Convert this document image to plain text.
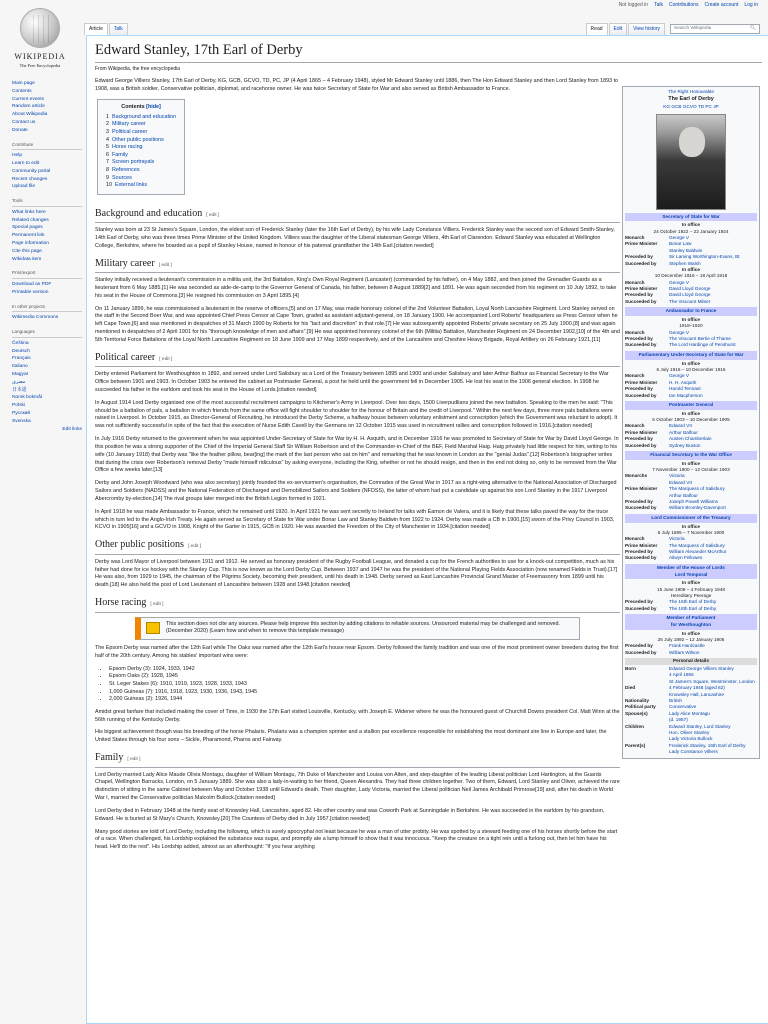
Not logged in Talk Contributions Create account Log in
WIKIPEDIA
The Free Encyclopedia
Main page
Contents
Current events
Random article
About Wikipedia
Contact us
Donate
Contribute
Help
Learn to edit
Community portal
Recent changes
Upload file
Tools
What links here
Related changes
Special pages
Permanent link
Page information
Cite this page
Wikidata item
Print/export
Download as PDF
Printable version
In other projects
Wikimedia Commons
Languages
Čeština
Deutsch
Français
Italiano
Magyar
مصرى
日本語
Norsk bokmål
Polski
Русский
Svenska
Edit links
Article	Talk	Read	Edit	View history	Search Wikipedia	🔍︎
Edward Stanley, 17th Earl of Derby
From Wikipedia, the free encyclopedia

Edward George Villiers Stanley, 17th Earl of Derby, KG, GCB, GCVO, TD, PC, JP (4 April 1865 – 4 February 1948), styled Mr Edward Stanley until 1886, then The Hon Edward Stanley and then Lord Stanley from 1893 to 1908, was a British soldier, Conservative politician, diplomat, and racehorse owner. He was twice Secretary of State for War and also served as British Ambassador to France.

Contents [hide]
1 Background and education
2 Military career
3 Political career
4 Other public positions
5 Horse racing
6 Family
7 Screen portrayals
8 References
9 Sources
10 External links
Background and education [ edit ]

Stanley was born at 23 St James's Square, London, the eldest son of Frederick Stanley (later the 16th Earl of Derby), by his wife Lady Constance Villiers. Frederick Stanley was the second son of Edward Smith-Stanley, 14th Earl of Derby, who was three times Prime Minister of the United Kingdom. Villiers was the daughter of the Liberal statesman George Villiers, 4th Earl of Clarendon. Edward Stanley was educated at Wellington College, Berkshire, where he boarded as a pupil of Stanley House, named in honour of his paternal grandfather the 14th Earl.[citation needed]

Military career [ edit ]

Stanley initially received a lieutenant's commission in a militia unit, the 3rd Battalion, King's Own Royal Regiment (Lancaster) (commanded by his father), on 4 May 1882, and then joined the Grenadier Guards as a lieutenant from 6 May 1885.[1] He was seconded as aide-de-camp to the Governor General of Canada, his father, between 8 August 1889[2] and 1891. He was again seconded from his regiment on 10 July 1892, to take his seat in the House of Commons.[3] He resigned his commission on 3 April 1895.[4]

On 11 January 1899, he was commissioned a lieutenant in the reserve of officers,[5] and on 17 May, was made honorary colonel of the 2nd Volunteer Battalion, Loyal North Lancashire Regiment. Lord Stanley served on the staff in the Second Boer War, and was appointed Chief Press Censor at Cape Town, graded as assistant adjutant-general, on 18 January 1900. He accompanied Lord Roberts' headquarters as Press Censor when he left Cape Town,[6] and was mentioned in despatches of 31 March 1900 by Roberts for his "tact and discretion" in that role.[7] He was subsequently appointed Roberts' private secretary on 25 July 1900.[8] and was again mentioned in despatches of 2 April 1901 for his "thorough knowledge of men and affairs".[9] He was appointed honorary colonel of the 6th (Militia) Battalion, Manchester Regiment on 24 December 1902,[10] of the 4th and 5th Territorial Force Battalions of the Loyal North Lancashire Regiment on 18 June 1909 and 17 May 1899 respectively, and of the Lancashire and Cheshire Heavy Brigade, Royal Artillery on 26 February 1921.[11]

Political career [ edit ]

Derby entered Parliament for Westhoughton in 1892, and served under Lord Salisbury as a Lord of the Treasury between 1895 and 1900 and under Salisbury and later Arthur Balfour as Financial Secretary to the War Office between 1901 and 1903. In October 1903 he entered the cabinet as Postmaster General, a post he held until the government fell in December 1905. He lost his seat in the 1906 general election. In 1908 he succeeded his father in the earldom and took his seat in the House of Lords.[citation needed]

In August 1914 Lord Derby organised one of the most successful recruitment campaigns to Kitchener's Army in Liverpool. Over two days, 1500 Liverpudlians joined the new battalion. Speaking to the men he said: "This should be a battalion of pals, a battalion in which friends from the same office will fight shoulder to shoulder for the honour of Britain and the credit of Liverpool." Within the next few days, three more pals battalions were raised in Liverpool. In October 1915, as Director-General of Recruiting, he introduced the Derby Scheme, a halfway house between voluntary enlistment and conscription (which the Government was reluctant to adopt). It was not sufficiently successful in spite of the fact that the execution of Nurse Edith Cavell by the Germans on 12 October 1915 was used in recruitment rallies and conscription followed in 1916.[citation needed]

In July 1916 Derby returned to the government when he was appointed Under-Secretary of State for War by H. H. Asquith, and in December 1916 he was promoted to Secretary of State for War by David Lloyd George. In this position he was a strong supporter of the Chief of the Imperial General Staff Sir William Robertson and of the Commander-in-Chief of the BEF, Field Marshal Haig. Haig privately had little respect for him, writing to his wife (10 January 1918) that Derby was "like the feather pillow, bear[ing] the mark of the last person who sat on him" and remarking that he was known in London as the "genial Judas".[12] Robertson's biographer writes that during the crisis over Robertson's removal Derby "made himself ridiculous" by asking everyone, including the King, whether or not he should resign, and then in the end not doing so, only to be removed from the War Office a few weeks later.[13]

Derby and John Joseph Woodward (who was also secretary) jointly founded the ex-servicemen's organisation, the Comrades of the Great War in 1917 as a right-wing alternative to the National Association of Discharged Sailors and Soldiers (NADSS) and the National Federation of Discharged and Demobilized Sailors and Soldiers (NFDSS), the latter of whom had put a candidate up against his son Lord Stanley in the 1917 Liverpool Abercromby by-election.[14] The rival groups later merged into the British Legion formed in 1921.

In April 1918 he was made Ambassador to France, which he remained until 1920. In April 1921 he was sent secretly to Ireland for talks with Éamon de Valera, and it is likely that these talks paved the way for the truce which in turn led to the Anglo-Irish Treaty. He again served as Secretary of State for War under Bonar Law and Stanley Baldwin from 1922 to 1924. Derby was made a CB in 1900,[15] sworn of the Privy Council in 1903, KCVO in 1905[16] and a GCVO in 1908, Knight of the Garter in 1915, GCB in 1920. He was awarded the Freedom of the City of Manchester in 1934.[citation needed]

Other public positions [ edit ]

Derby was Lord Mayor of Liverpool between 1911 and 1912. He served as honorary president of the Rugby Football League, and donated a cup for the French authorities to use for a knock-out competition, much as his father had done for ice hockey with the Stanley Cup. This is now known as the Lord Derby Cup. Between 1937 and 1947 he was the president of the National Playing Fields Association (now renamed Fields in Trust).[17] He was also, from 1929 to 1945, the chairman of the Pilgrims Society, becoming their president, until his death in 1948. Derby served as East Lancashire Provincial Grand Master of Freemasonry from 1899 until his death.[18] He also held the post of Lord Lieutenant of Lancashire between 1928 and 1948.[citation needed]

Horse racing [ edit ]
This section does not cite any sources. Please help improve this section by adding citations to reliable sources. Unsourced material may be challenged and removed. (December 2020) (Learn how and when to remove this template message)

The Epsom Derby was named after the 12th Earl while The Oaks was named after the 12th Earl's house near Epsom. Derby followed the family tradition and was one of the most prominent owner breeders during the first half of the 20th century. Among his stables' important wins were:

• Epsom Derby (3): 1924, 1933, 1942
• Epsom Oaks (2): 1928, 1945
• St. Leger Stakes (6): 1910, 1919, 1923, 1928, 1933, 1943
• 1,000 Guineas (7): 1916, 1918, 1923, 1930, 1936, 1943, 1945
• 2,000 Guineas (2): 1926, 1944

Amidst great fanfare that included making the cover of Time, in 1930 the 17th Earl visited Louisville, Kentucky, with Joseph E. Widener where he was the honoured guest of Churchill Downs president Col. Matt Winn at the 56th running of the Kentucky Derby.

His biggest achievement though was his breeding of the horse Phalaris. Phalaris was a champion sprinter and a stallion par excellence responsible for establishing the most dominant sire line in Europe and later, the United States through his four sons – Sickle, Pharamond, Pharos and Fairway.

Family [ edit ]

Lord Derby married Lady Alice Maude Olivia Montagu, daughter of William Montagu, 7th Duke of Manchester and Louisa von Alten, and step-daughter of the leading Liberal politician Lord Hartington, at the Guards Chapel, Wellington Barracks, London, on 5 January 1889. She was also a lady-in-waiting to her friend, Queen Alexandra. They had three children together. Two of them, Edward, Lord Stanley and Oliver, achieved the rare distinction of sitting in the same Cabinet between May and October 1938 until Edward's death. Their daughter, Lady Victoria, married the Liberal politician Neil James Archibald Primrose[19] and, after his death in World War I, married the Conservative politician Malcolm Bullock.[citation needed]

Lord Derby died in February 1948 at the family seat of Knowsley Hall, Lancashire, aged 82. His other country seat was Coworth Park at Sunningdale in Berkshire. He was succeeded in the earldom by his grandson, Edward. He is buried at St Mary's Church, Knowsley.[20] The Countess of Derby died in July 1957.[citation needed]

Many good stories are told of Lord Derby, including the following, which is surely apocryphal not least because he was a man of utter probity. He was spotted by a steward feeding one of his horses shortly before the start of a race. When challenged, his Lordship explained the substance was sugar, and promptly ate a lump himself to show that it was innocuous. "Keep the creature on a tight rein until a furlong out, then let him have his head. He'll do the rest". His Lordship added, almost as an afterthought: "If you hear anything

The Right Honourable
The Earl of Derby
KG GCB GCVO TD PC JP
Secretary of State for War
In office
24 October 1922 – 22 January 1924
Monarch	George V
Prime Minister	Bonar Law
Stanley Baldwin
Preceded by	Sir Laming Worthington-Evans, Bt
Succeeded by	Stephen Walsh
In office
10 December 1916 – 18 April 1918
Monarch	George V
Prime Minister	David Lloyd George
Preceded by	David Lloyd George
Succeeded by	The Viscount Milner
Ambassador to France
In office
1918–1920
Monarch	George V
Preceded by	The Viscount Bertie of Thame
Succeeded by	The Lord Hardinge of Penshurst
Parliamentary Under-Secretary of State for War
In office
6 July 1916 – 10 December 1916
Monarch	George V
Prime Minister	H. H. Asquith
Preceded by	Harold Tennant
Succeeded by	Ian Macpherson
Postmaster General
In office
6 October 1903 – 10 December 1905
Monarch	Edward VII
Prime Minister	Arthur Balfour
Preceded by	Austen Chamberlain
Succeeded by	Sydney Buxton
Financial Secretary to the War Office
In office
7 November 1900 – 12 October 1903
Monarchs	Victoria
Edward VII
Prime Minister	The Marquess of Salisbury
Arthur Balfour
Preceded by	Joseph Powell Williams
Succeeded by	William Bromley-Davenport
Lord Commissioner of the Treasury
In office
6 July 1895 – 7 November 1900
Monarch	Victoria
Prime Minister	The Marquess of Salisbury
Preceded by	William Alexander McArthur
Succeeded by	Ailwyn Fellowes
Member of the House of Lords
Lord Temporal
In office
15 June 1908 – 4 February 1948
Hereditary Peerage
Preceded by	The 16th Earl of Derby
Succeeded by	The 18th Earl of Derby
Member of Parliament
for Westhoughton
In office
26 July 1892 – 12 January 1906
Preceded by	Frank Hardcastle
Succeeded by	William Wilson
Personal details
Born	Edward George Villiers Stanley
4 April 1865
St James's Square, Westminster, London
Died	4 February 1948 (aged 82)
Knowsley Hall, Lancashire
Nationality	British
Political party	Conservative
Spouse(s)	Lady Alice Montagu
(d. 1957)
Children	Edward Stanley, Lord Stanley
Hon. Oliver Stanley
Lady Victoria Bullock
Parent(s)	Frederick Stanley, 16th Earl of Derby
Lady Constance Villiers
